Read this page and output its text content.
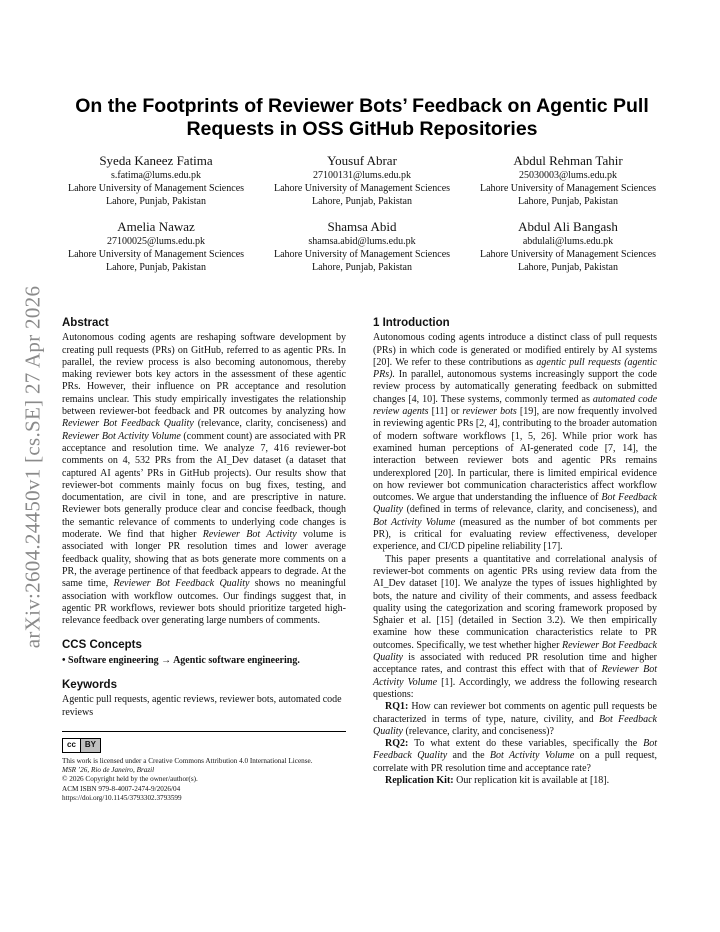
arXiv:2604.24450v1 [cs.SE] 27 Apr 2026
On the Footprints of Reviewer Bots’ Feedback on Agentic Pull Requests in OSS GitHub Repositories
Syeda Kaneez Fatima
s.fatima@lums.edu.pk
Lahore University of Management Sciences
Lahore, Punjab, Pakistan
Yousuf Abrar
27100131@lums.edu.pk
Lahore University of Management Sciences
Lahore, Punjab, Pakistan
Abdul Rehman Tahir
25030003@lums.edu.pk
Lahore University of Management Sciences
Lahore, Punjab, Pakistan
Amelia Nawaz
27100025@lums.edu.pk
Lahore University of Management Sciences
Lahore, Punjab, Pakistan
Shamsa Abid
shamsa.abid@lums.edu.pk
Lahore University of Management Sciences
Lahore, Punjab, Pakistan
Abdul Ali Bangash
abdulali@lums.edu.pk
Lahore University of Management Sciences
Lahore, Punjab, Pakistan
Abstract

Autonomous coding agents are reshaping software development by creating pull requests (PRs) on GitHub, referred to as agentic PRs. In parallel, the review process is also becoming autonomous, thereby making reviewer bots key actors in the assessment of these agentic PRs. However, their influence on PR acceptance and resolution remains unclear. This study empirically investigates the relationship between reviewer-bot feedback and PR outcomes by analyzing how Reviewer Bot Feedback Quality (relevance, clarity, conciseness) and Reviewer Bot Activity Volume (comment count) are associated with PR acceptance and resolution time. We analyze 7, 416 reviewer-bot comments on 4, 532 PRs from the AI_Dev dataset (a dataset that captured AI agents’ PRs in GitHub projects). Our results show that reviewer-bot comments mainly focus on bug fixes, testing, and documentation, are civil in tone, and are prescriptive in nature. Reviewer bots generally produce clear and concise feedback, though the semantic relevance of comments to underlying code changes is moderate. We find that higher Reviewer Bot Activity volume is associated with longer PR resolution times and lower average feedback quality, showing that as bots generate more comments on a PR, the average pertinence of that feedback appears to degrade. At the same time, Reviewer Bot Feedback Quality shows no meaningful association with workflow outcomes. Our findings suggest that, in agentic PR workflows, reviewer bots should prioritize targeted high-relevance feedback over generating large numbers of comments.

CCS Concepts

• Software engineering → Agentic software engineering.

Keywords

Agentic pull requests, agentic reviews, reviewer bots, automated code reviews

cc	BY
This work is licensed under a Creative Commons Attribution 4.0 International License.
MSR ’26, Rio de Janeiro, Brazil
© 2026 Copyright held by the owner/author(s).
ACM ISBN 979-8-4007-2474-9/2026/04
https://doi.org/10.1145/3793302.3793599
1 Introduction

Autonomous coding agents introduce a distinct class of pull requests (PRs) in which code is generated or modified entirely by AI systems [20]. We refer to these contributions as agentic pull requests (agentic PRs). In parallel, autonomous systems increasingly support the code review process by automatically generating feedback on submitted changes [4, 10]. These systems, commonly termed as automated code review agents [11] or reviewer bots [19], are now frequently involved in reviewing agentic PRs [2, 4], contributing to the broader automation of modern software workflows [1, 5, 26]. While prior work has examined human perceptions of AI-generated code [7, 14], the interaction between reviewer bots and agentic PRs remains underexplored [20]. In particular, there is limited empirical evidence on how reviewer bot communication characteristics affect workflow outcomes. We argue that understanding the influence of Bot Feedback Quality (defined in terms of relevance, clarity, and conciseness), and Bot Activity Volume (measured as the number of bot comments per PR), is critical for evaluating review effectiveness, developer experience, and CI/CD pipeline reliability [17].

This paper presents a quantitative and correlational analysis of reviewer-bot comments on agentic PRs using review data from the AI_Dev dataset [10]. We analyze the types of issues highlighted by bots, the nature and civility of their comments, and assess feedback quality using the categorization and scoring framework proposed by Sghaier et al. [15] (detailed in Section 3.2). We then empirically examine how these communication characteristics relate to PR outcomes. Specifically, we test whether higher Reviewer Bot Feedback Quality is associated with reduced PR resolution time and higher acceptance rates, and contrast this effect with that of Reviewer Bot Activity Volume [1]. Accordingly, we address the following research questions:

RQ1: How can reviewer bot comments on agentic pull requests be characterized in terms of type, nature, civility, and Bot Feedback Quality (relevance, clarity, and conciseness)?

RQ2: To what extent do these variables, specifically the Bot Feedback Quality and the Bot Activity Volume on a pull request, correlate with PR resolution time and acceptance rate?

Replication Kit: Our replication kit is available at [18].
